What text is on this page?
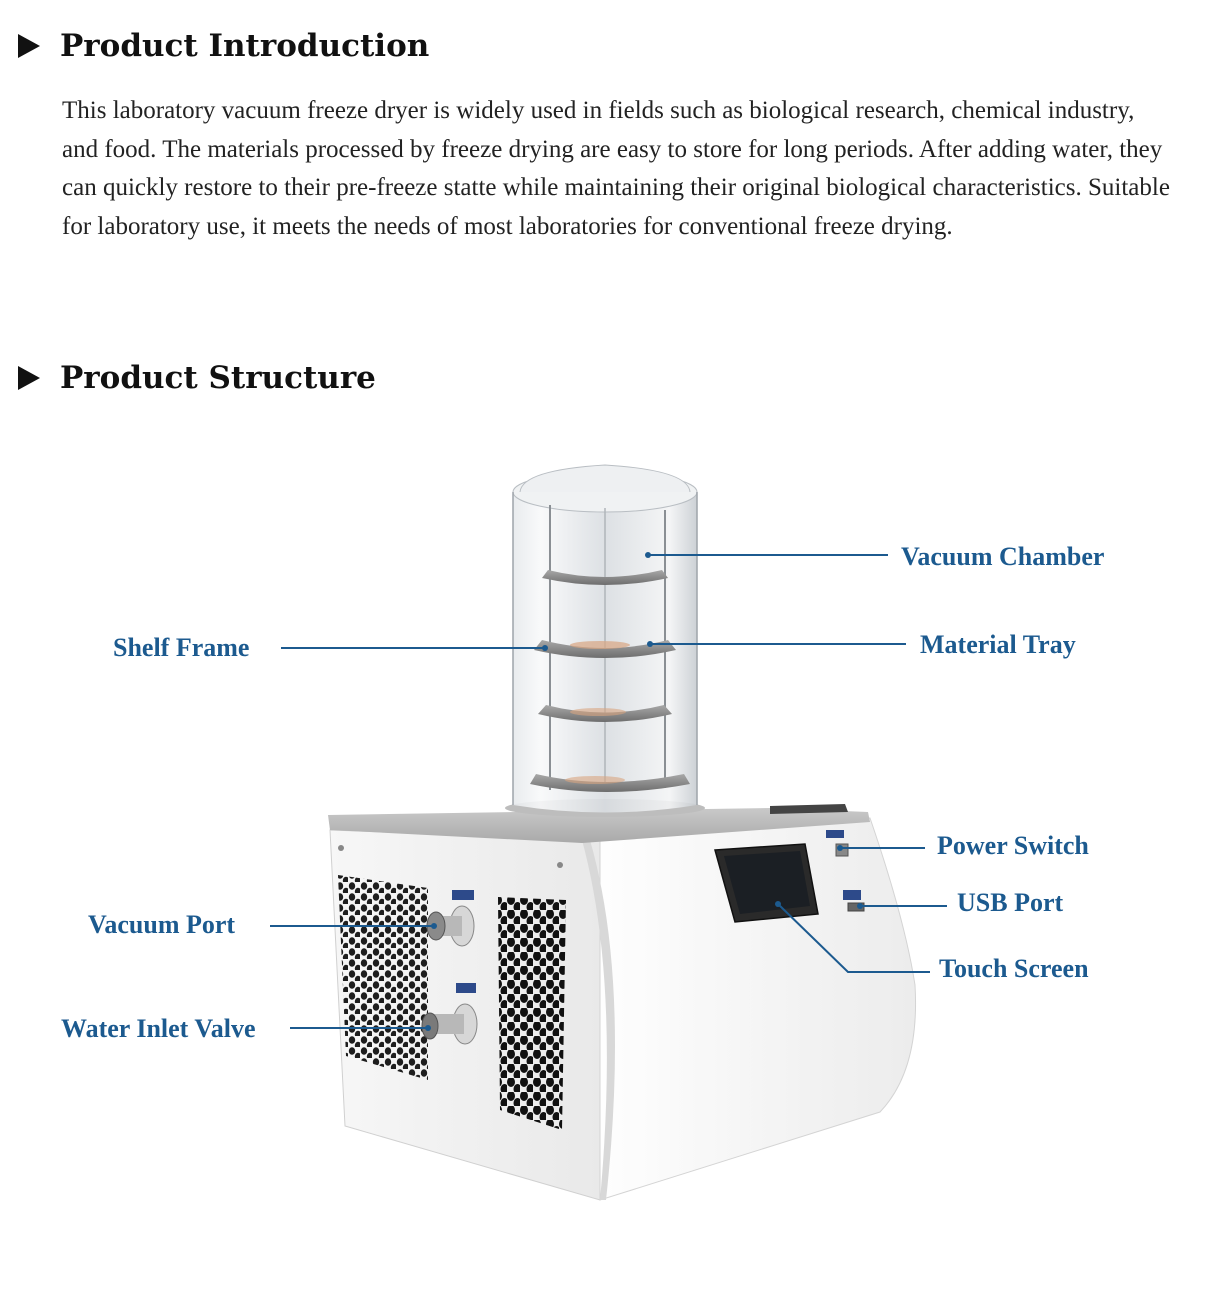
Product Introduction

This laboratory vacuum freeze dryer is widely used in fields such as biological research, chemical industry, and food. The materials processed by freeze drying are easy to store for long periods. After adding water, they can quickly restore to their pre-freeze statte while maintaining their original biological characteristics. Suitable for laboratory use, it meets the needs of most laboratories for conventional freeze drying.

Product Structure
Vacuum Chamber
Material Tray
Shelf Frame
Power Switch
USB Port
Touch Screen
Vacuum Port
Water Inlet Valve
